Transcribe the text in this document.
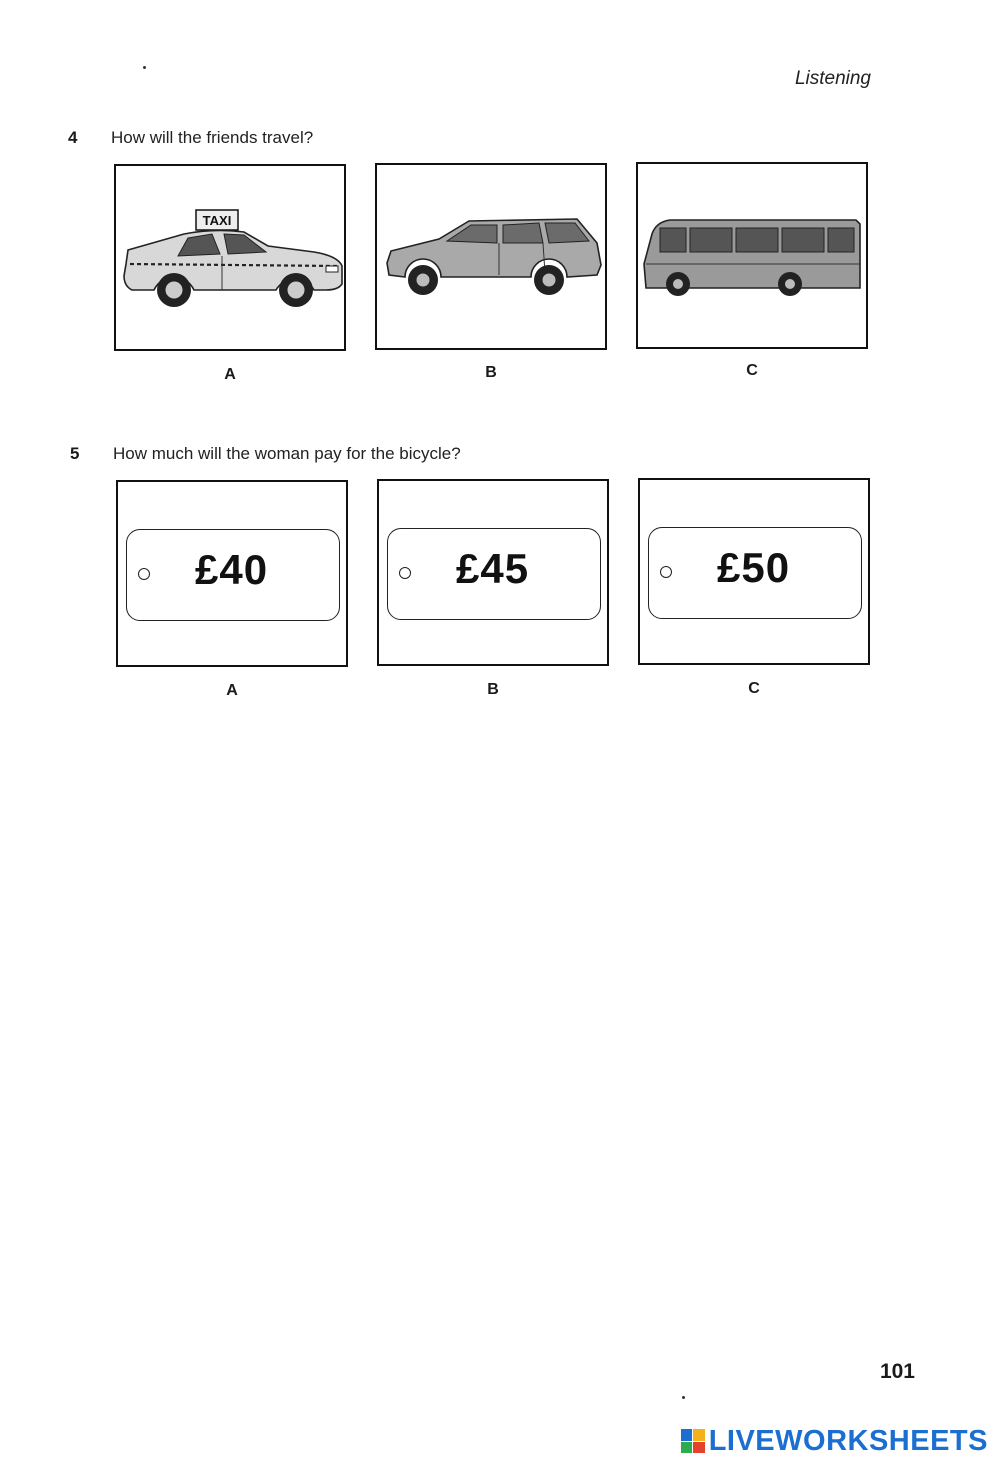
Listening
4 How will the friends travel?
TAXI
A	B	C
5 How much will the woman pay for the bicycle?
£40
A
£45
B
£50
C
101
LIVEWORKSHEETS
